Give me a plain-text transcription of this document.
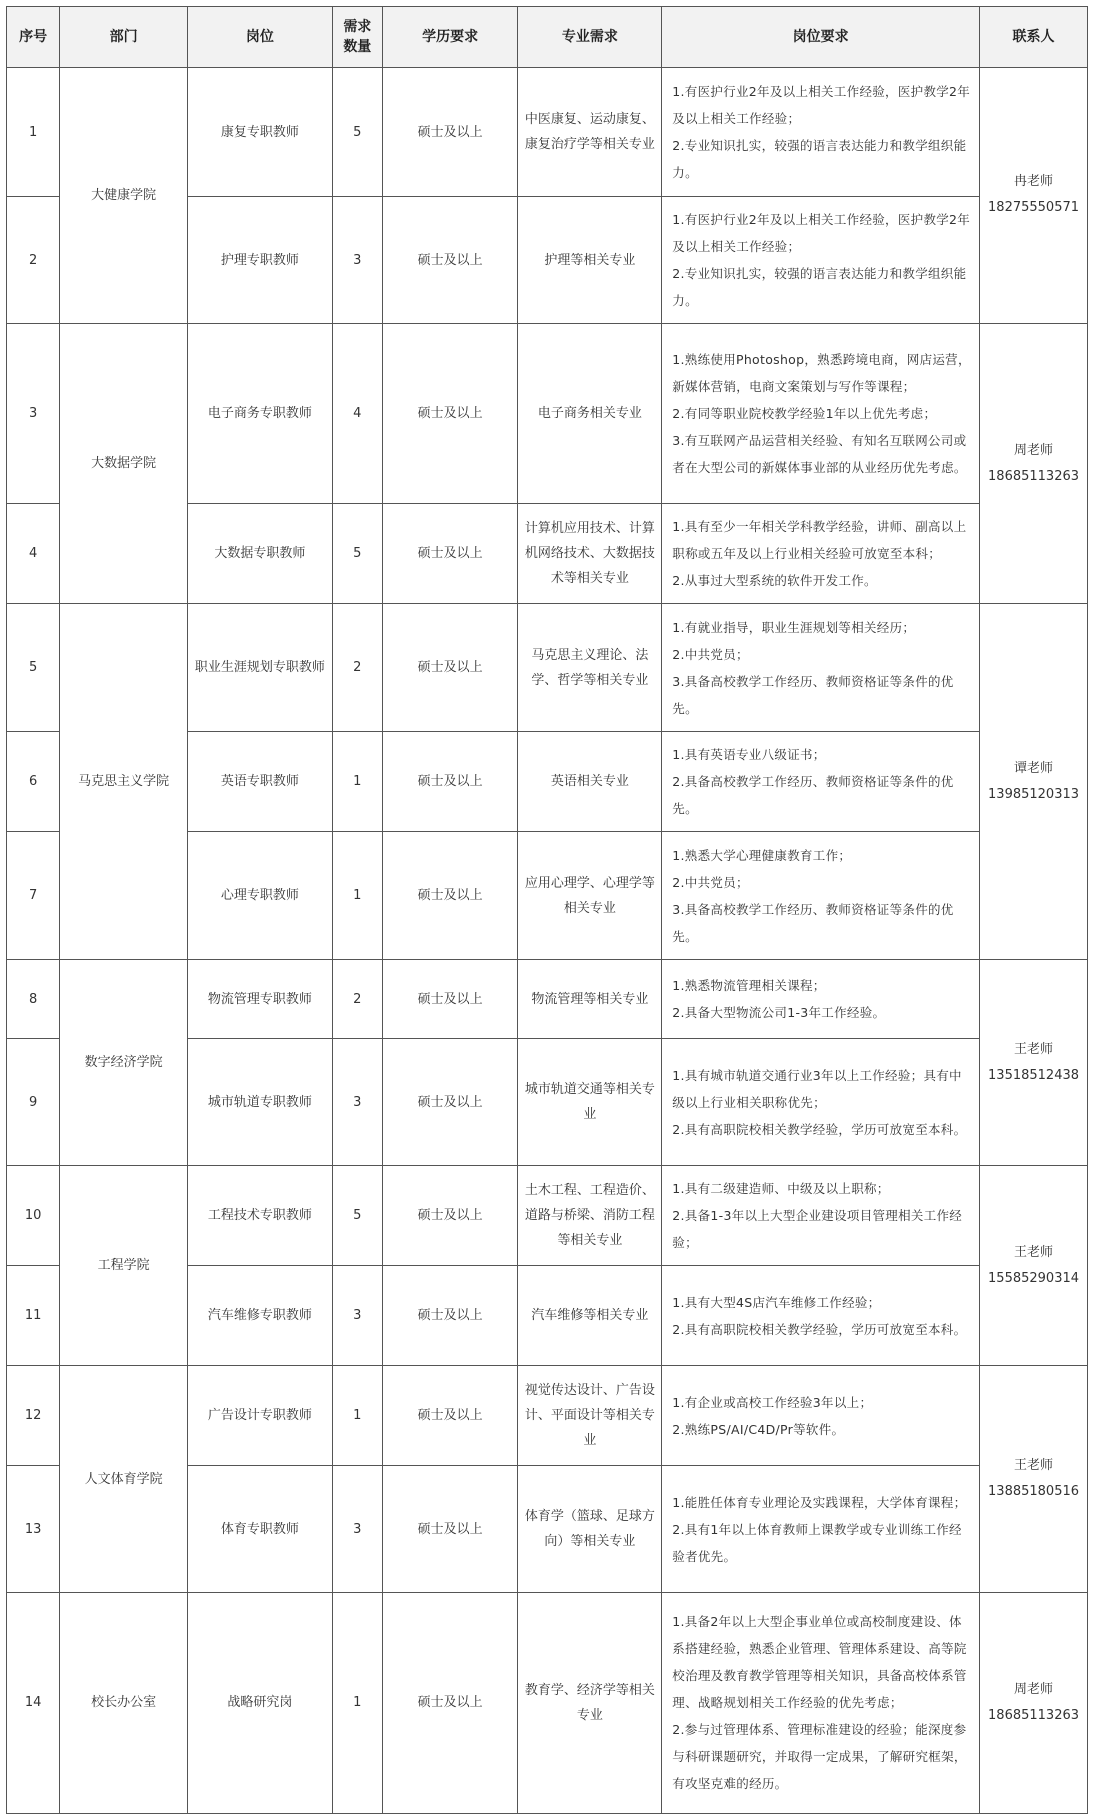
序号	部门	岗位	需求数量	学历要求	专业需求	岗位要求	联系人
1	大健康学院	康复专职教师	5	硕士及以上	中医康复、运动康复、康复治疗学等相关专业	1.有医护行业2年及以上相关工作经验，医护教学2年及以上相关工作经验；
2.专业知识扎实，较强的语言表达能力和教学组织能力。	冉老师
18275550571

2		护理专职教师	3	硕士及以上	护理等相关专业	1.有医护行业2年及以上相关工作经验，医护教学2年及以上相关工作经验；
2.专业知识扎实，较强的语言表达能力和教学组织能力。	

3	大数据学院	电子商务专职教师	4	硕士及以上	电子商务相关专业	1.熟练使用Photoshop，熟悉跨境电商，网店运营，新媒体营销，电商文案策划与写作等课程；
2.有同等职业院校教学经验1年以上优先考虑；
3.有互联网产品运营相关经验、有知名互联网公司或者在大型公司的新媒体事业部的从业经历优先考虑。	周老师
18685113263

4		大数据专职教师	5	硕士及以上	计算机应用技术、计算机网络技术、大数据技术等相关专业	1.具有至少一年相关学科教学经验，讲师、副高以上职称或五年及以上行业相关经验可放宽至本科；
2.从事过大型系统的软件开发工作。	

5	马克思主义学院	职业生涯规划专职教师	2	硕士及以上	马克思主义理论、法学、哲学等相关专业	1.有就业指导，职业生涯规划等相关经历；
2.中共党员；
3.具备高校教学工作经历、教师资格证等条件的优先。	谭老师
13985120313

6		英语专职教师	1	硕士及以上	英语相关专业	1.具有英语专业八级证书；
2.具备高校教学工作经历、教师资格证等条件的优先。	

7		心理专职教师	1	硕士及以上	应用心理学、心理学等相关专业	1.熟悉大学心理健康教育工作；
2.中共党员；
3.具备高校教学工作经历、教师资格证等条件的优先。	

8	数字经济学院	物流管理专职教师	2	硕士及以上	物流管理等相关专业	1.熟悉物流管理相关课程；
2.具备大型物流公司1-3年工作经验。	王老师
13518512438

9		城市轨道专职教师	3	硕士及以上	城市轨道交通等相关专业	1.具有城市轨道交通行业3年以上工作经验；具有中级以上行业相关职称优先；
2.具有高职院校相关教学经验，学历可放宽至本科。	

10	工程学院	工程技术专职教师	5	硕士及以上	土木工程、工程造价、道路与桥梁、消防工程等相关专业	1.具有二级建造师、中级及以上职称；
2.具备1-3年以上大型企业建设项目管理相关工作经验；	王老师
15585290314

11		汽车维修专职教师	3	硕士及以上	汽车维修等相关专业	1.具有大型4S店汽车维修工作经验；
2.具有高职院校相关教学经验，学历可放宽至本科。	

12	人文体育学院	广告设计专职教师	1	硕士及以上	视觉传达设计、广告设计、平面设计等相关专业	1.有企业或高校工作经验3年以上；
2.熟练PS/AI/C4D/Pr等软件。	王老师
13885180516

13		体育专职教师	3	硕士及以上	体育学（篮球、足球方向）等相关专业	1.能胜任体育专业理论及实践课程，大学体育课程；
2.具有1年以上体育教师上课教学或专业训练工作经验者优先。	

14	校长办公室	战略研究岗	1	硕士及以上	教育学、经济学等相关专业	1.具备2年以上大型企事业单位或高校制度建设、体系搭建经验，熟悉企业管理、管理体系建设、高等院校治理及教育教学管理等相关知识，具备高校体系管理、战略规划相关工作经验的优先考虑；
2.参与过管理体系、管理标准建设的经验；能深度参与科研课题研究，并取得一定成果，了解研究框架，有攻坚克难的经历。	周老师
18685113263
